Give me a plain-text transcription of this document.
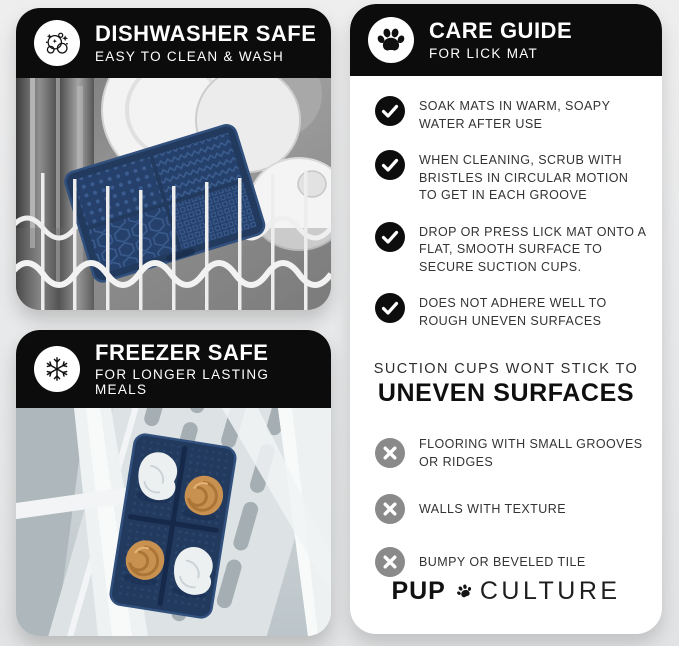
DISHWASHER SAFE
EASY TO CLEAN & WASH
FREEZER SAFE
FOR LONGER LASTING MEALS
CARE GUIDE
FOR LICK MAT
SOAK MATS IN WARM, SOAPY WATER AFTER USE
WHEN CLEANING, SCRUB WITH BRISTLES IN CIRCULAR MOTION TO GET IN EACH GROOVE
DROP OR PRESS LICK MAT ONTO A FLAT, SMOOTH SURFACE TO SECURE SUCTION CUPS.
DOES NOT ADHERE WELL TO ROUGH UNEVEN SURFACES
SUCTION CUPS WONT STICK TO
UNEVEN SURFACES
FLOORING WITH SMALL GROOVES OR RIDGES
WALLS WITH TEXTURE
BUMPY OR BEVELED TILE
PUP CULTURE
